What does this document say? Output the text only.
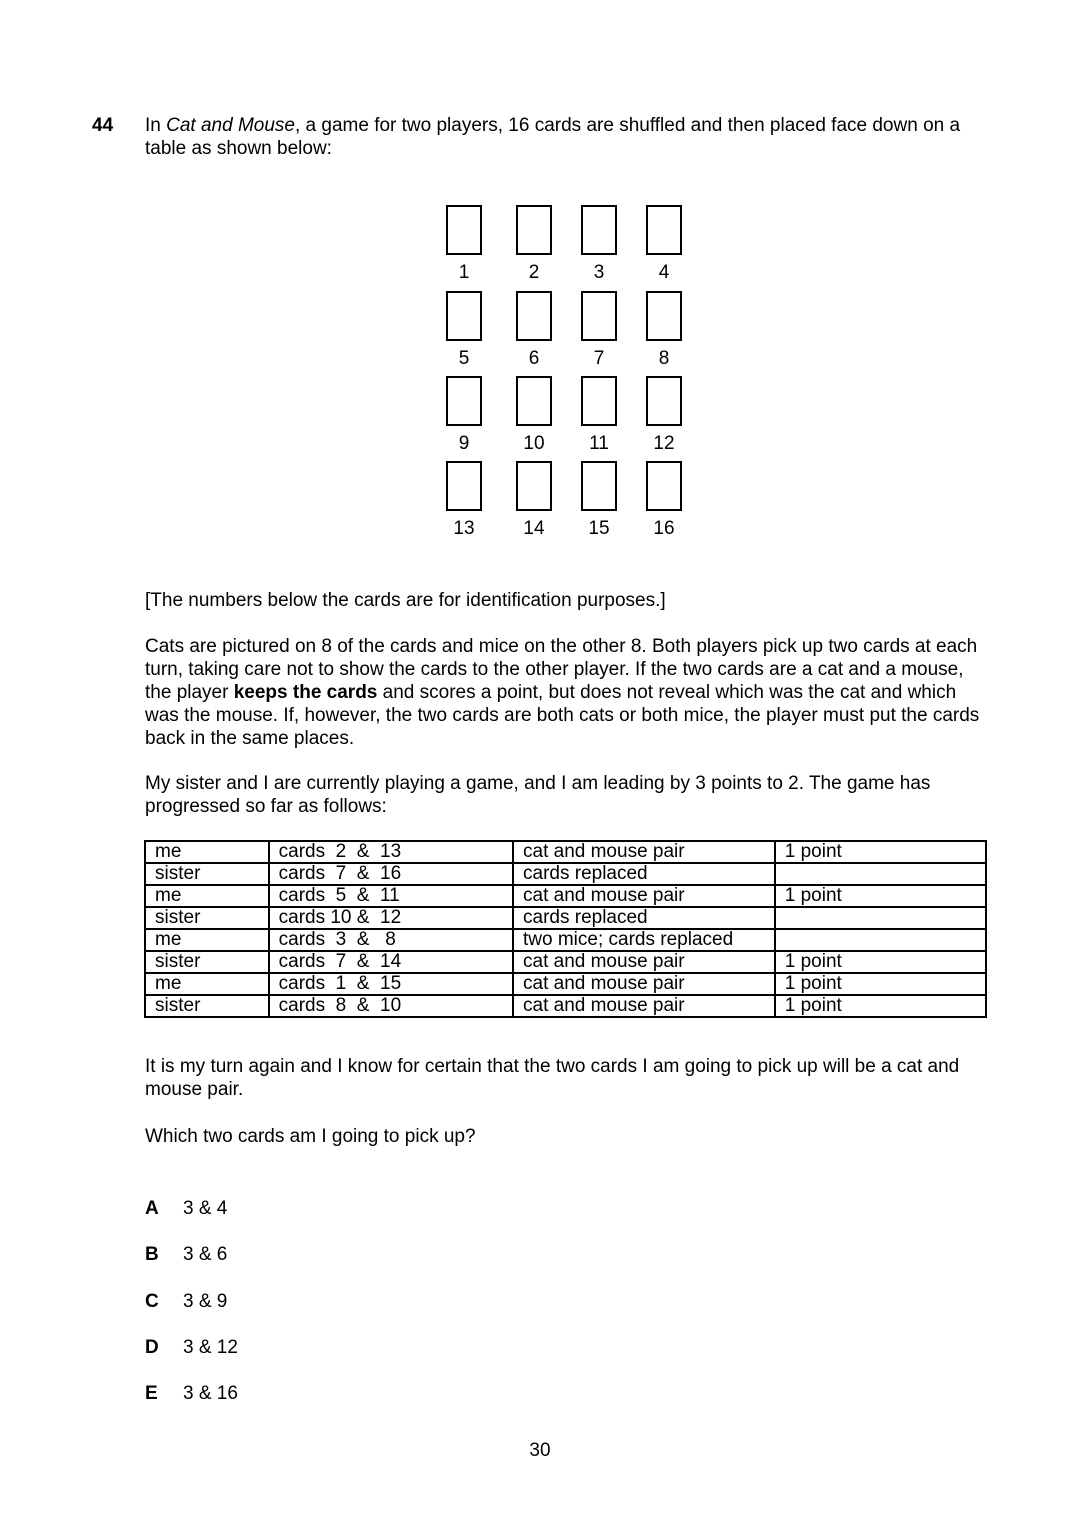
44 In Cat and Mouse, a game for two players, 16 cards are shuffled and then placed face down on a table as shown below:
1	2	3	4
5	6	7	8
9	10	11	12
13	14	15	16
[The numbers below the cards are for identification purposes.]
Cats are pictured on 8 of the cards and mice on the other 8. Both players pick up two cards at each turn, taking care not to show the cards to the other player. If the two cards are a cat and a mouse, the player keeps the cards and scores a point, but does not reveal which was the cat and which was the mouse. If, however, the two cards are both cats or both mice, the player must put the cards back in the same places.
My sister and I are currently playing a game, and I am leading by 3 points to 2. The game has progressed so far as follows:
me	cards  2  &  13	cat and mouse pair	1 point
sister	cards  7  &  16	cards replaced	
me	cards  5  &  11	cat and mouse pair	1 point
sister	cards 10 &  12	cards replaced	
me	cards  3  &   8	two mice; cards replaced	
sister	cards  7  &  14	cat and mouse pair	1 point
me	cards  1  &  15	cat and mouse pair	1 point
sister	cards  8  &  10	cat and mouse pair	1 point
It is my turn again and I know for certain that the two cards I am going to pick up will be a cat and mouse pair.
Which two cards am I going to pick up?
A	3 & 4
B	3 & 6
C	3 & 9
D	3 & 12
E	3 & 16
30
